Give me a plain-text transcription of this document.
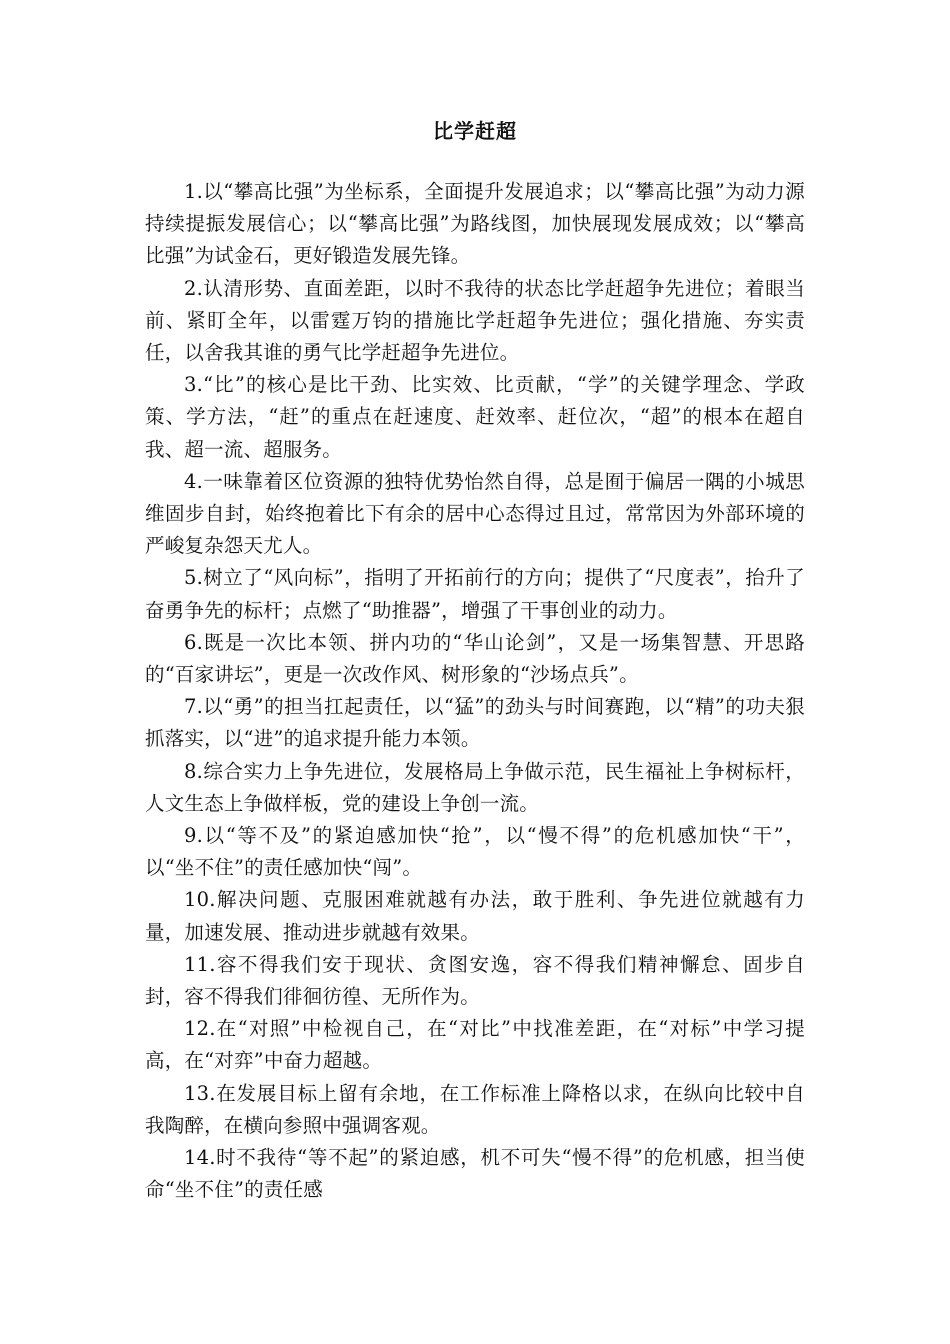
比学赶超

1.以“攀高比强”为坐标系，全面提升发展追求；以“攀高比强”为动力源持续提振发展信心；以“攀高比强”为路线图，加快展现发展成效；以“攀高比强”为试金石，更好锻造发展先锋。

2.认清形势、直面差距，以时不我待的状态比学赶超争先进位；着眼当前、紧盯全年，以雷霆万钧的措施比学赶超争先进位；强化措施、夯实责任，以舍我其谁的勇气比学赶超争先进位。

3.“比”的核心是比干劲、比实效、比贡献，“学”的关键学理念、学政策、学方法，“赶”的重点在赶速度、赶效率、赶位次，“超”的根本在超自我、超一流、超服务。

4.一味靠着区位资源的独特优势怡然自得，总是囿于偏居一隅的小城思维固步自封，始终抱着比下有余的居中心态得过且过，常常因为外部环境的严峻复杂怨天尤人。

5.树立了“风向标”，指明了开拓前行的方向；提供了“尺度表”，抬升了奋勇争先的标杆；点燃了“助推器”，增强了干事创业的动力。

6.既是一次比本领、拼内功的“华山论剑”，又是一场集智慧、开思路的“百家讲坛”，更是一次改作风、树形象的“沙场点兵”。

7.以“勇”的担当扛起责任，以“猛”的劲头与时间赛跑，以“精”的功夫狠抓落实，以“进”的追求提升能力本领。

8.综合实力上争先进位，发展格局上争做示范，民生福祉上争树标杆，人文生态上争做样板，党的建设上争创一流。

9.以“等不及”的紧迫感加快“抢”，以“慢不得”的危机感加快“干”，以“坐不住”的责任感加快“闯”。

10.解决问题、克服困难就越有办法，敢于胜利、争先进位就越有力量，加速发展、推动进步就越有效果。

11.容不得我们安于现状、贪图安逸，容不得我们精神懈怠、固步自封，容不得我们徘徊彷徨、无所作为。

12.在“对照”中检视自己，在“对比”中找准差距，在“对标”中学习提高，在“对弈”中奋力超越。

13.在发展目标上留有余地，在工作标准上降格以求，在纵向比较中自我陶醉，在横向参照中强调客观。

14.时不我待“等不起”的紧迫感，机不可失“慢不得”的危机感，担当使命“坐不住”的责任感
